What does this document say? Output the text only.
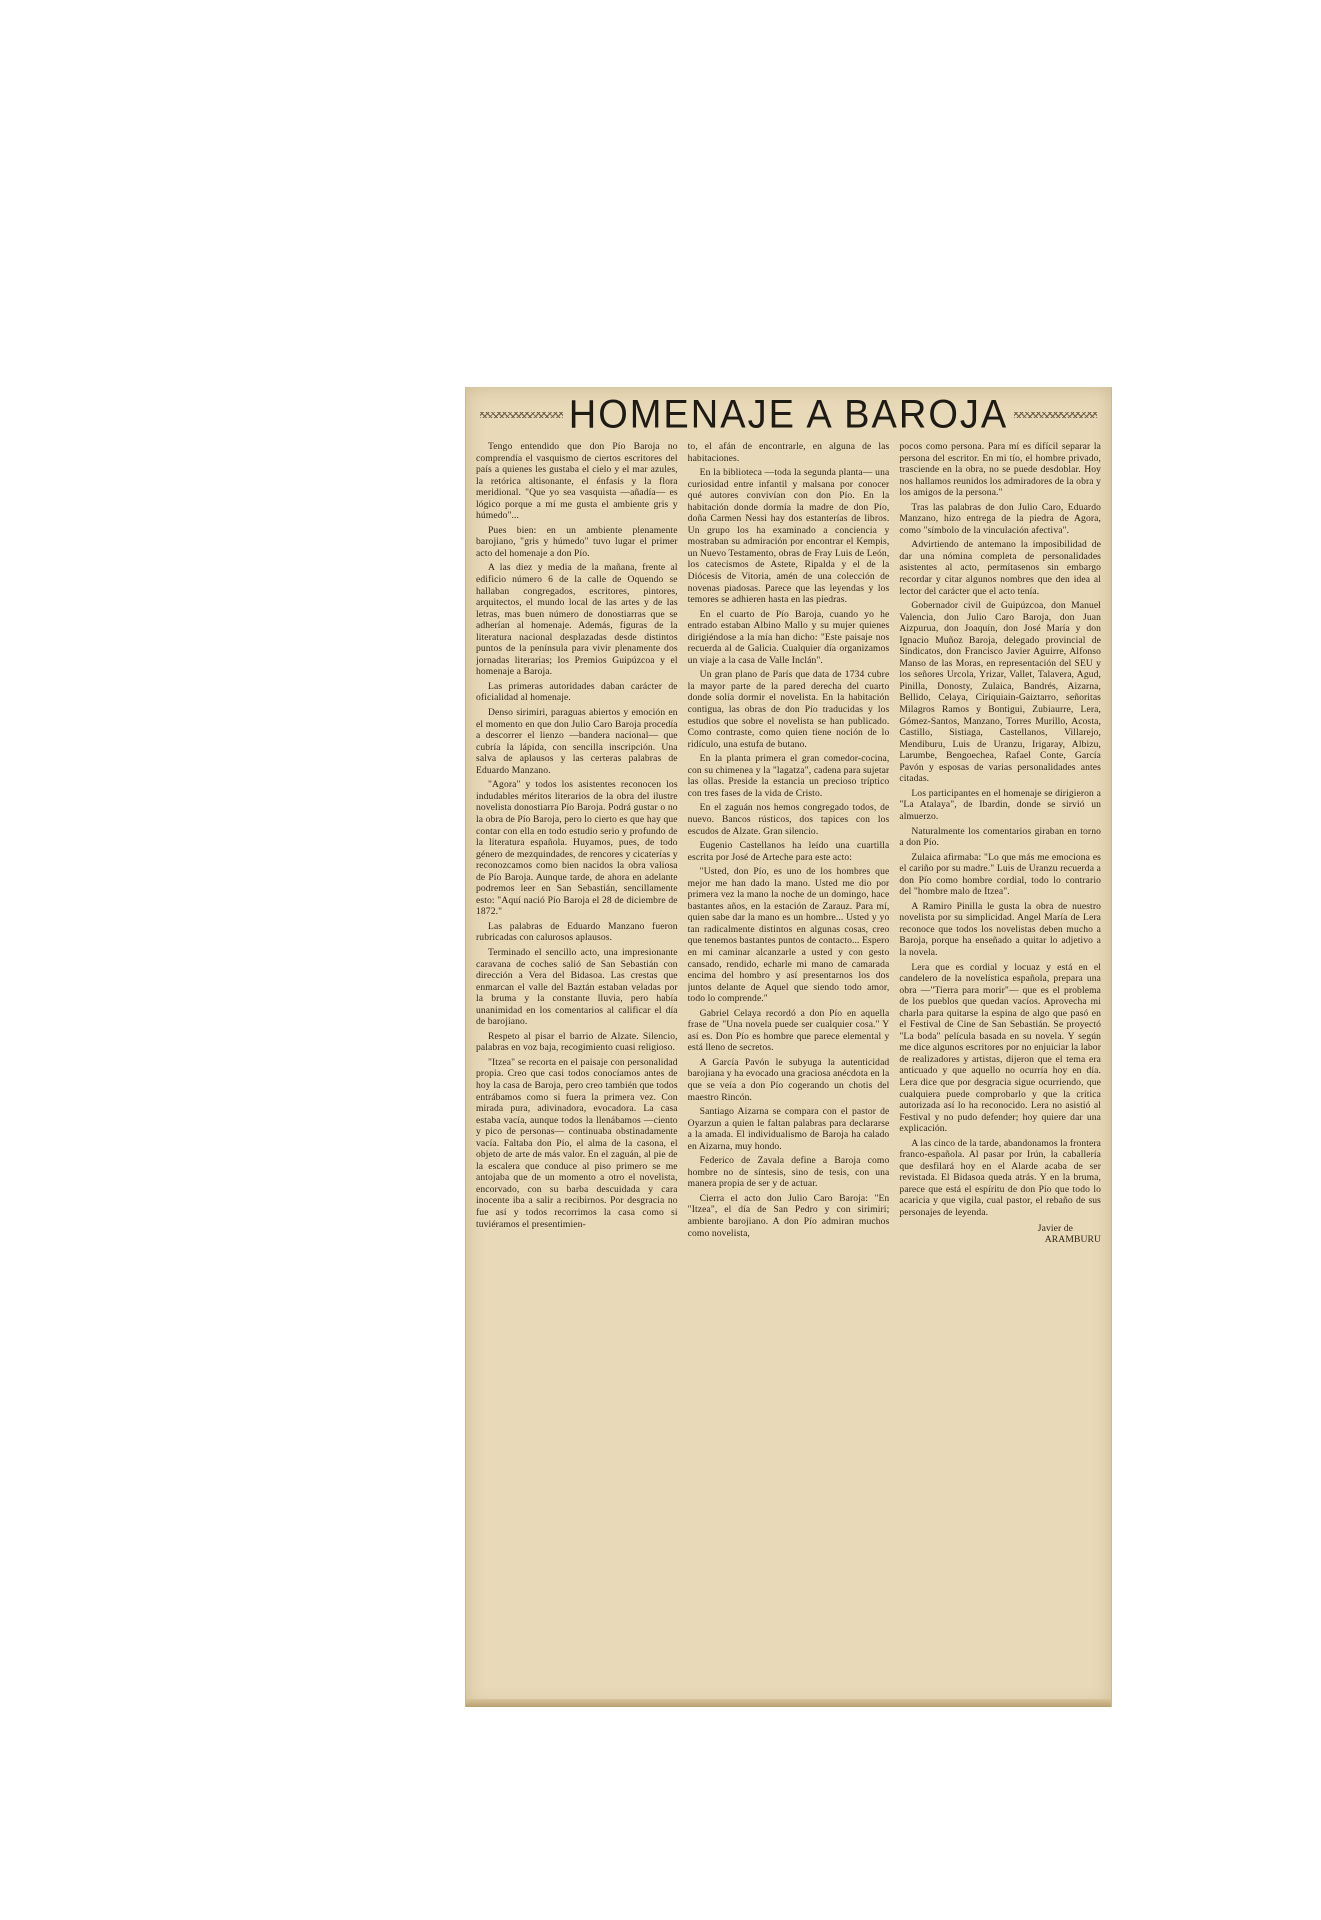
HOMENAJE A BAROJA

Tengo entendido que don Pío Baroja no comprendía el vasquismo de ciertos escritores del país a quienes les gustaba el cielo y el mar azules, la retórica altisonante, el énfasis y la flora meridional. "Que yo sea vasquista —añadía— es lógico porque a mí me gusta el ambiente gris y húmedo"...

Pues bien: en un ambiente plenamente barojiano, "gris y húmedo" tuvo lugar el primer acto del homenaje a don Pío.

A las diez y media de la mañana, frente al edificio número 6 de la calle de Oquendo se hallaban congregados, escritores, pintores, arquitectos, el mundo local de las artes y de las letras, mas buen número de donostiarras que se adherían al homenaje. Además, figuras de la literatura nacional desplazadas desde distintos puntos de la península para vivir plenamente dos jornadas literarias; los Premios Guipúzcoa y el homenaje a Baroja.

Las primeras autoridades daban carácter de oficialidad al homenaje.

Denso sirimiri, paraguas abiertos y emoción en el momento en que don Julio Caro Baroja procedía a descorrer el lienzo —bandera nacional— que cubría la lápida, con sencilla inscripción. Una salva de aplausos y las certeras palabras de Eduardo Manzano.

"Agora" y todos los asistentes reconocen los indudables méritos literarios de la obra del ilustre novelista donostiarra Pío Baroja. Podrá gustar o no la obra de Pío Baroja, pero lo cierto es que hay que contar con ella en todo estudio serio y profundo de la literatura española. Huyamos, pues, de todo género de mezquindades, de rencores y cicaterías y reconozcamos como bien nacidos la obra valiosa de Pío Baroja. Aunque tarde, de ahora en adelante podremos leer en San Sebastián, sencillamente esto: "Aquí nació Pío Baroja el 28 de diciembre de 1872."

Las palabras de Eduardo Manzano fueron rubricadas con calurosos aplausos.

Terminado el sencillo acto, una impresionante caravana de coches salió de San Sebastián con dirección a Vera del Bidasoa. Las crestas que enmarcan el valle del Baztán estaban veladas por la bruma y la constante lluvia, pero había unanimidad en los comentarios al calificar el día de barojiano.

Respeto al pisar el barrio de Alzate. Silencio, palabras en voz baja, recogimiento cuasi religioso.

"Itzea" se recorta en el paisaje con personalidad propia. Creo que casi todos conocíamos antes de hoy la casa de Baroja, pero creo también que todos entrábamos como si fuera la primera vez. Con mirada pura, adivinadora, evocadora. La casa estaba vacía, aunque todos la llenábamos —ciento y pico de personas— continuaba obstinadamente vacía. Faltaba don Pío, el alma de la casona, el objeto de arte de más valor. En el zaguán, al pie de la escalera que conduce al piso primero se me antojaba que de un momento a otro el novelista, encorvado, con su barba descuidada y cara inocente iba a salir a recibirnos. Por desgracia no fue así y todos recorrimos la casa como si tuviéramos el presentimien-

to, el afán de encontrarle, en alguna de las habitaciones.

En la biblioteca —toda la segunda planta— una curiosidad entre infantil y malsana por conocer qué autores convivían con don Pío. En la habitación donde dormía la madre de don Pío, doña Carmen Nessi hay dos estanterías de libros. Un grupo los ha examinado a conciencia y mostraban su admiración por encontrar el Kempis, un Nuevo Testamento, obras de Fray Luis de León, los catecismos de Astete, Ripalda y el de la Diócesis de Vitoria, amén de una colección de novenas piadosas. Parece que las leyendas y los temores se adhieren hasta en las piedras.

En el cuarto de Pío Baroja, cuando yo he entrado estaban Albino Mallo y su mujer quienes dirigiéndose a la mía han dicho: "Este paisaje nos recuerda al de Galicia. Cualquier día organizamos un viaje a la casa de Valle Inclán".

Un gran plano de París que data de 1734 cubre la mayor parte de la pared derecha del cuarto donde solía dormir el novelista. En la habitación contigua, las obras de don Pío traducidas y los estudios que sobre el novelista se han publicado. Como contraste, como quien tiene noción de lo ridículo, una estufa de butano.

En la planta primera el gran comedor-cocina, con su chimenea y la "lagatza", cadena para sujetar las ollas. Preside la estancia un precioso tríptico con tres fases de la vida de Cristo.

En el zaguán nos hemos congregado todos, de nuevo. Bancos rústicos, dos tapices con los escudos de Alzate. Gran silencio.

Eugenio Castellanos ha leído una cuartilla escrita por José de Arteche para este acto:

"Usted, don Pío, es uno de los hombres que mejor me han dado la mano. Usted me dio por primera vez la mano la noche de un domingo, hace bastantes años, en la estación de Zarauz. Para mí, quien sabe dar la mano es un hombre... Usted y yo tan radicalmente distintos en algunas cosas, creo que tenemos bastantes puntos de contacto... Espero en mi caminar alcanzarle a usted y con gesto cansado, rendido, echarle mi mano de camarada encima del hombro y así presentarnos los dos juntos delante de Aquel que siendo todo amor, todo lo comprende."

Gabriel Celaya recordó a don Pío en aquella frase de "Una novela puede ser cualquier cosa." Y así es. Don Pío es hombre que parece elemental y está lleno de secretos.

A García Pavón le subyuga la autenticidad barojiana y ha evocado una graciosa anécdota en la que se veía a don Pío cogerando un chotis del maestro Rincón.

Santiago Aizarna se compara con el pastor de Oyarzun a quien le faltan palabras para declararse a la amada. El individualismo de Baroja ha calado en Aizarna, muy hondo.

Federico de Zavala define a Baroja como hombre no de síntesis, sino de tesis, con una manera propia de ser y de actuar.

Cierra el acto don Julio Caro Baroja: "En "Itzea", el día de San Pedro y con sirimiri; ambiente barojiano. A don Pío admiran muchos como novelista,

pocos como persona. Para mí es difícil separar la persona del escritor. En mi tío, el hombre privado, trasciende en la obra, no se puede desdoblar. Hoy nos hallamos reunidos los admiradores de la obra y los amigos de la persona."

Tras las palabras de don Julio Caro, Eduardo Manzano, hizo entrega de la piedra de Agora, como "símbolo de la vinculación afectiva".

Advirtiendo de antemano la imposibilidad de dar una nómina completa de personalidades asistentes al acto, permítasenos sin embargo recordar y citar algunos nombres que den idea al lector del carácter que el acto tenía.

Gobernador civil de Guipúzcoa, don Manuel Valencia, don Julio Caro Baroja, don Juan Aizpurua, don Joaquín, don José María y don Ignacio Muñoz Baroja, delegado provincial de Sindicatos, don Francisco Javier Aguirre, Alfonso Manso de las Moras, en representación del SEU y los señores Urcola, Yrizar, Vallet, Talavera, Agud, Pinilla, Donosty, Zulaica, Bandrés, Aizarna, Bellido, Celaya, Ciriquiain-Gaiztarro, señoritas Milagros Ramos y Bontigui, Zubiaurre, Lera, Gómez-Santos, Manzano, Torres Murillo, Acosta, Castillo, Sistiaga, Castellanos, Villarejo, Mendiburu, Luis de Uranzu, Irigaray, Albizu, Larumbe, Bengoechea, Rafael Conte, García Pavón y esposas de varias personalidades antes citadas.

Los participantes en el homenaje se dirigieron a "La Atalaya", de Ibardin, donde se sirvió un almuerzo.

Naturalmente los comentarios giraban en torno a don Pío.

Zulaica afirmaba: "Lo que más me emociona es el cariño por su madre." Luis de Uranzu recuerda a don Pío como hombre cordial, todo lo contrario del "hombre malo de Itzea".

A Ramiro Pinilla le gusta la obra de nuestro novelista por su simplicidad. Angel María de Lera reconoce que todos los novelistas deben mucho a Baroja, porque ha enseñado a quitar lo adjetivo a la novela.

Lera que es cordial y locuaz y está en el candelero de la novelística española, prepara una obra —"Tierra para morir"— que es el problema de los pueblos que quedan vacíos. Aprovecha mi charla para quitarse la espina de algo que pasó en el Festival de Cine de San Sebastián. Se proyectó "La boda" película basada en su novela. Y según me dice algunos escritores por no enjuiciar la labor de realizadores y artistas, dijeron que el tema era anticuado y que aquello no ocurría hoy en día. Lera dice que por desgracia sigue ocurriendo, que cualquiera puede comprobarlo y que la crítica autorizada así lo ha reconocido. Lera no asistió al Festival y no pudo defender; hoy quiere dar una explicación.

A las cinco de la tarde, abandonamos la frontera franco-española. Al pasar por Irún, la caballería que desfilará hoy en el Alarde acaba de ser revistada. El Bidasoa queda atrás. Y en la bruma, parece que está el espíritu de don Pío que todo lo acaricia y que vigila, cual pastor, el rebaño de sus personajes de leyenda.

Javier de
ARAMBURU
